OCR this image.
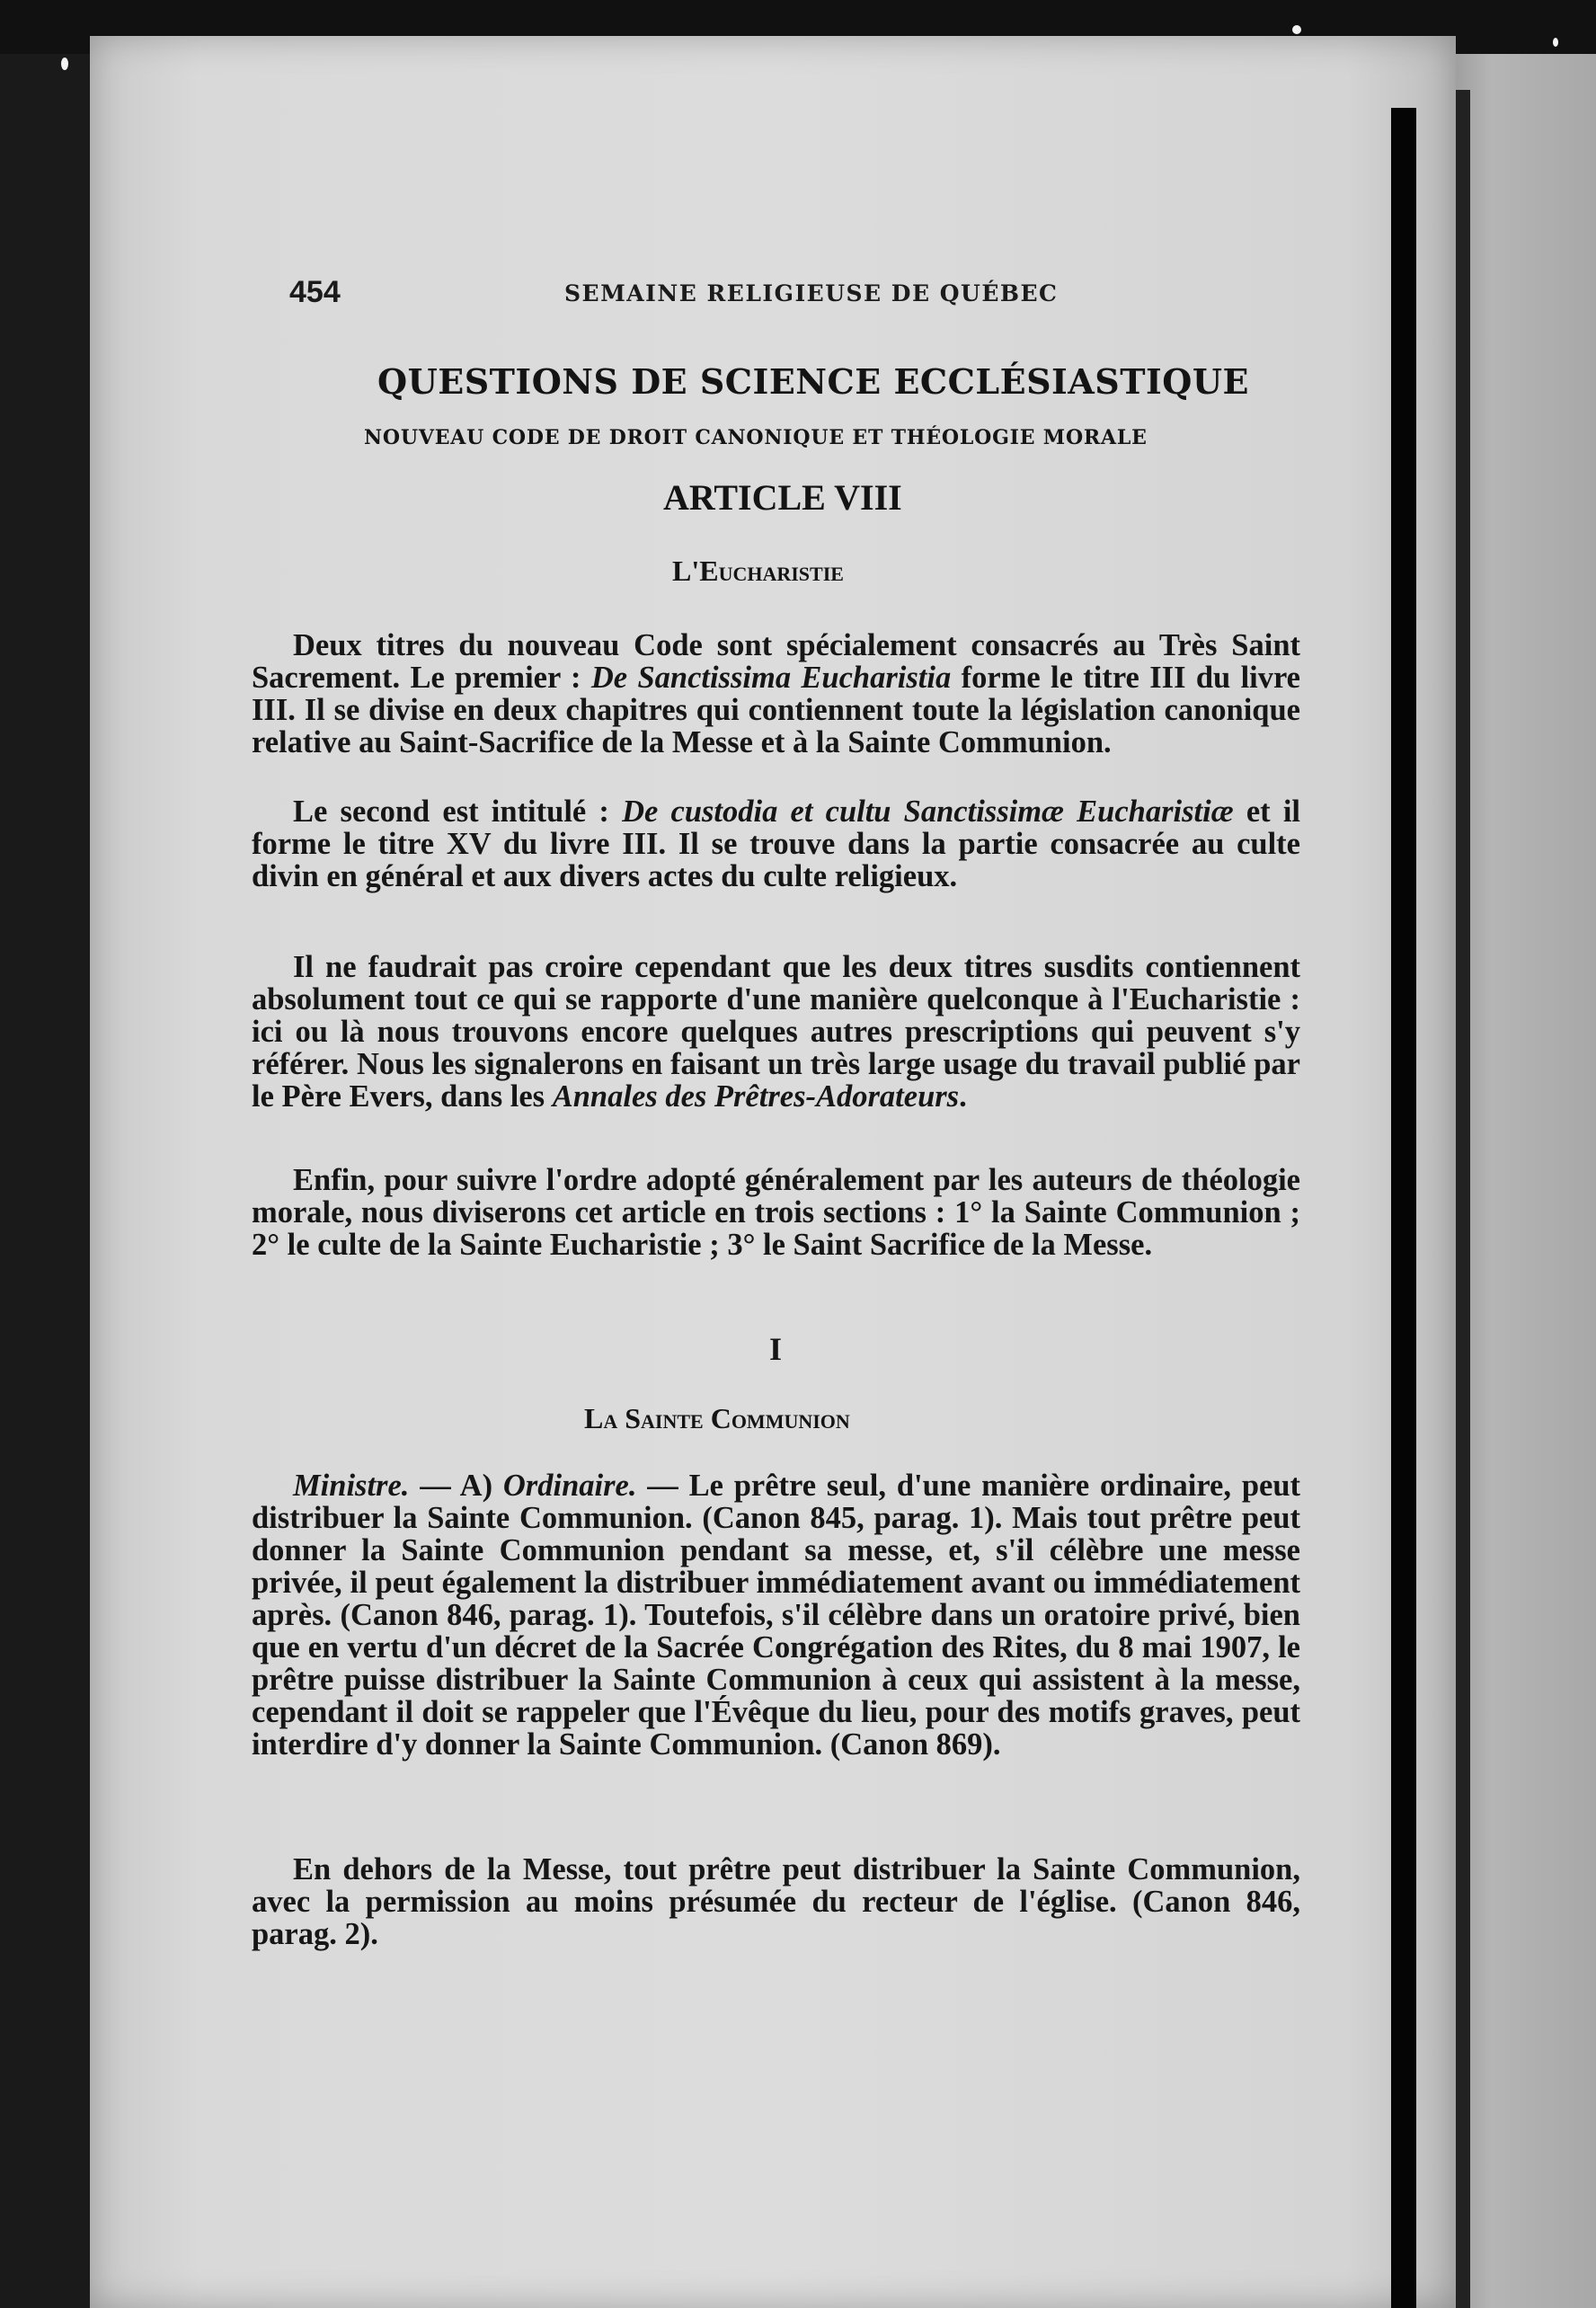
454	SEMAINE RELIGIEUSE DE QUÉBEC
QUESTIONS DE SCIENCE ECCLÉSIASTIQUE
NOUVEAU CODE DE DROIT CANONIQUE ET THÉOLOGIE MORALE
ARTICLE VIII
L'Eucharistie

Deux titres du nouveau Code sont spécialement consacrés au Très Saint Sacrement. Le premier : De Sanctissima Eucharistia forme le titre III du livre III. Il se divise en deux chapitres qui contiennent toute la législation canonique relative au Saint-Sacrifice de la Messe et à la Sainte Communion.

Le second est intitulé : De custodia et cultu Sanctissimæ Eucharistiæ et il forme le titre XV du livre III. Il se trouve dans la partie consacrée au culte divin en général et aux divers actes du culte religieux.

Il ne faudrait pas croire cependant que les deux titres susdits contiennent absolument tout ce qui se rapporte d'une manière quelconque à l'Eucharistie : ici ou là nous trouvons encore quelques autres prescriptions qui peuvent s'y référer. Nous les signalerons en faisant un très large usage du travail publié par le Père Evers, dans les Annales des Prêtres-Adorateurs.

Enfin, pour suivre l'ordre adopté généralement par les auteurs de théologie morale, nous diviserons cet article en trois sections : 1° la Sainte Communion ; 2° le culte de la Sainte Eucharistie ; 3° le Saint Sacrifice de la Messe.

I
La Sainte Communion

Ministre. — A) Ordinaire. — Le prêtre seul, d'une manière ordinaire, peut distribuer la Sainte Communion. (Canon 845, parag. 1). Mais tout prêtre peut donner la Sainte Communion pendant sa messe, et, s'il célèbre une messe privée, il peut également la distribuer immédiatement avant ou immédiatement après. (Canon 846, parag. 1). Toutefois, s'il célèbre dans un oratoire privé, bien que en vertu d'un décret de la Sacrée Congrégation des Rites, du 8 mai 1907, le prêtre puisse distribuer la Sainte Communion à ceux qui assistent à la messe, cependant il doit se rappeler que l'Évêque du lieu, pour des motifs graves, peut interdire d'y donner la Sainte Communion. (Canon 869).

En dehors de la Messe, tout prêtre peut distribuer la Sainte Communion, avec la permission au moins présumée du recteur de l'église. (Canon 846, parag. 2).
